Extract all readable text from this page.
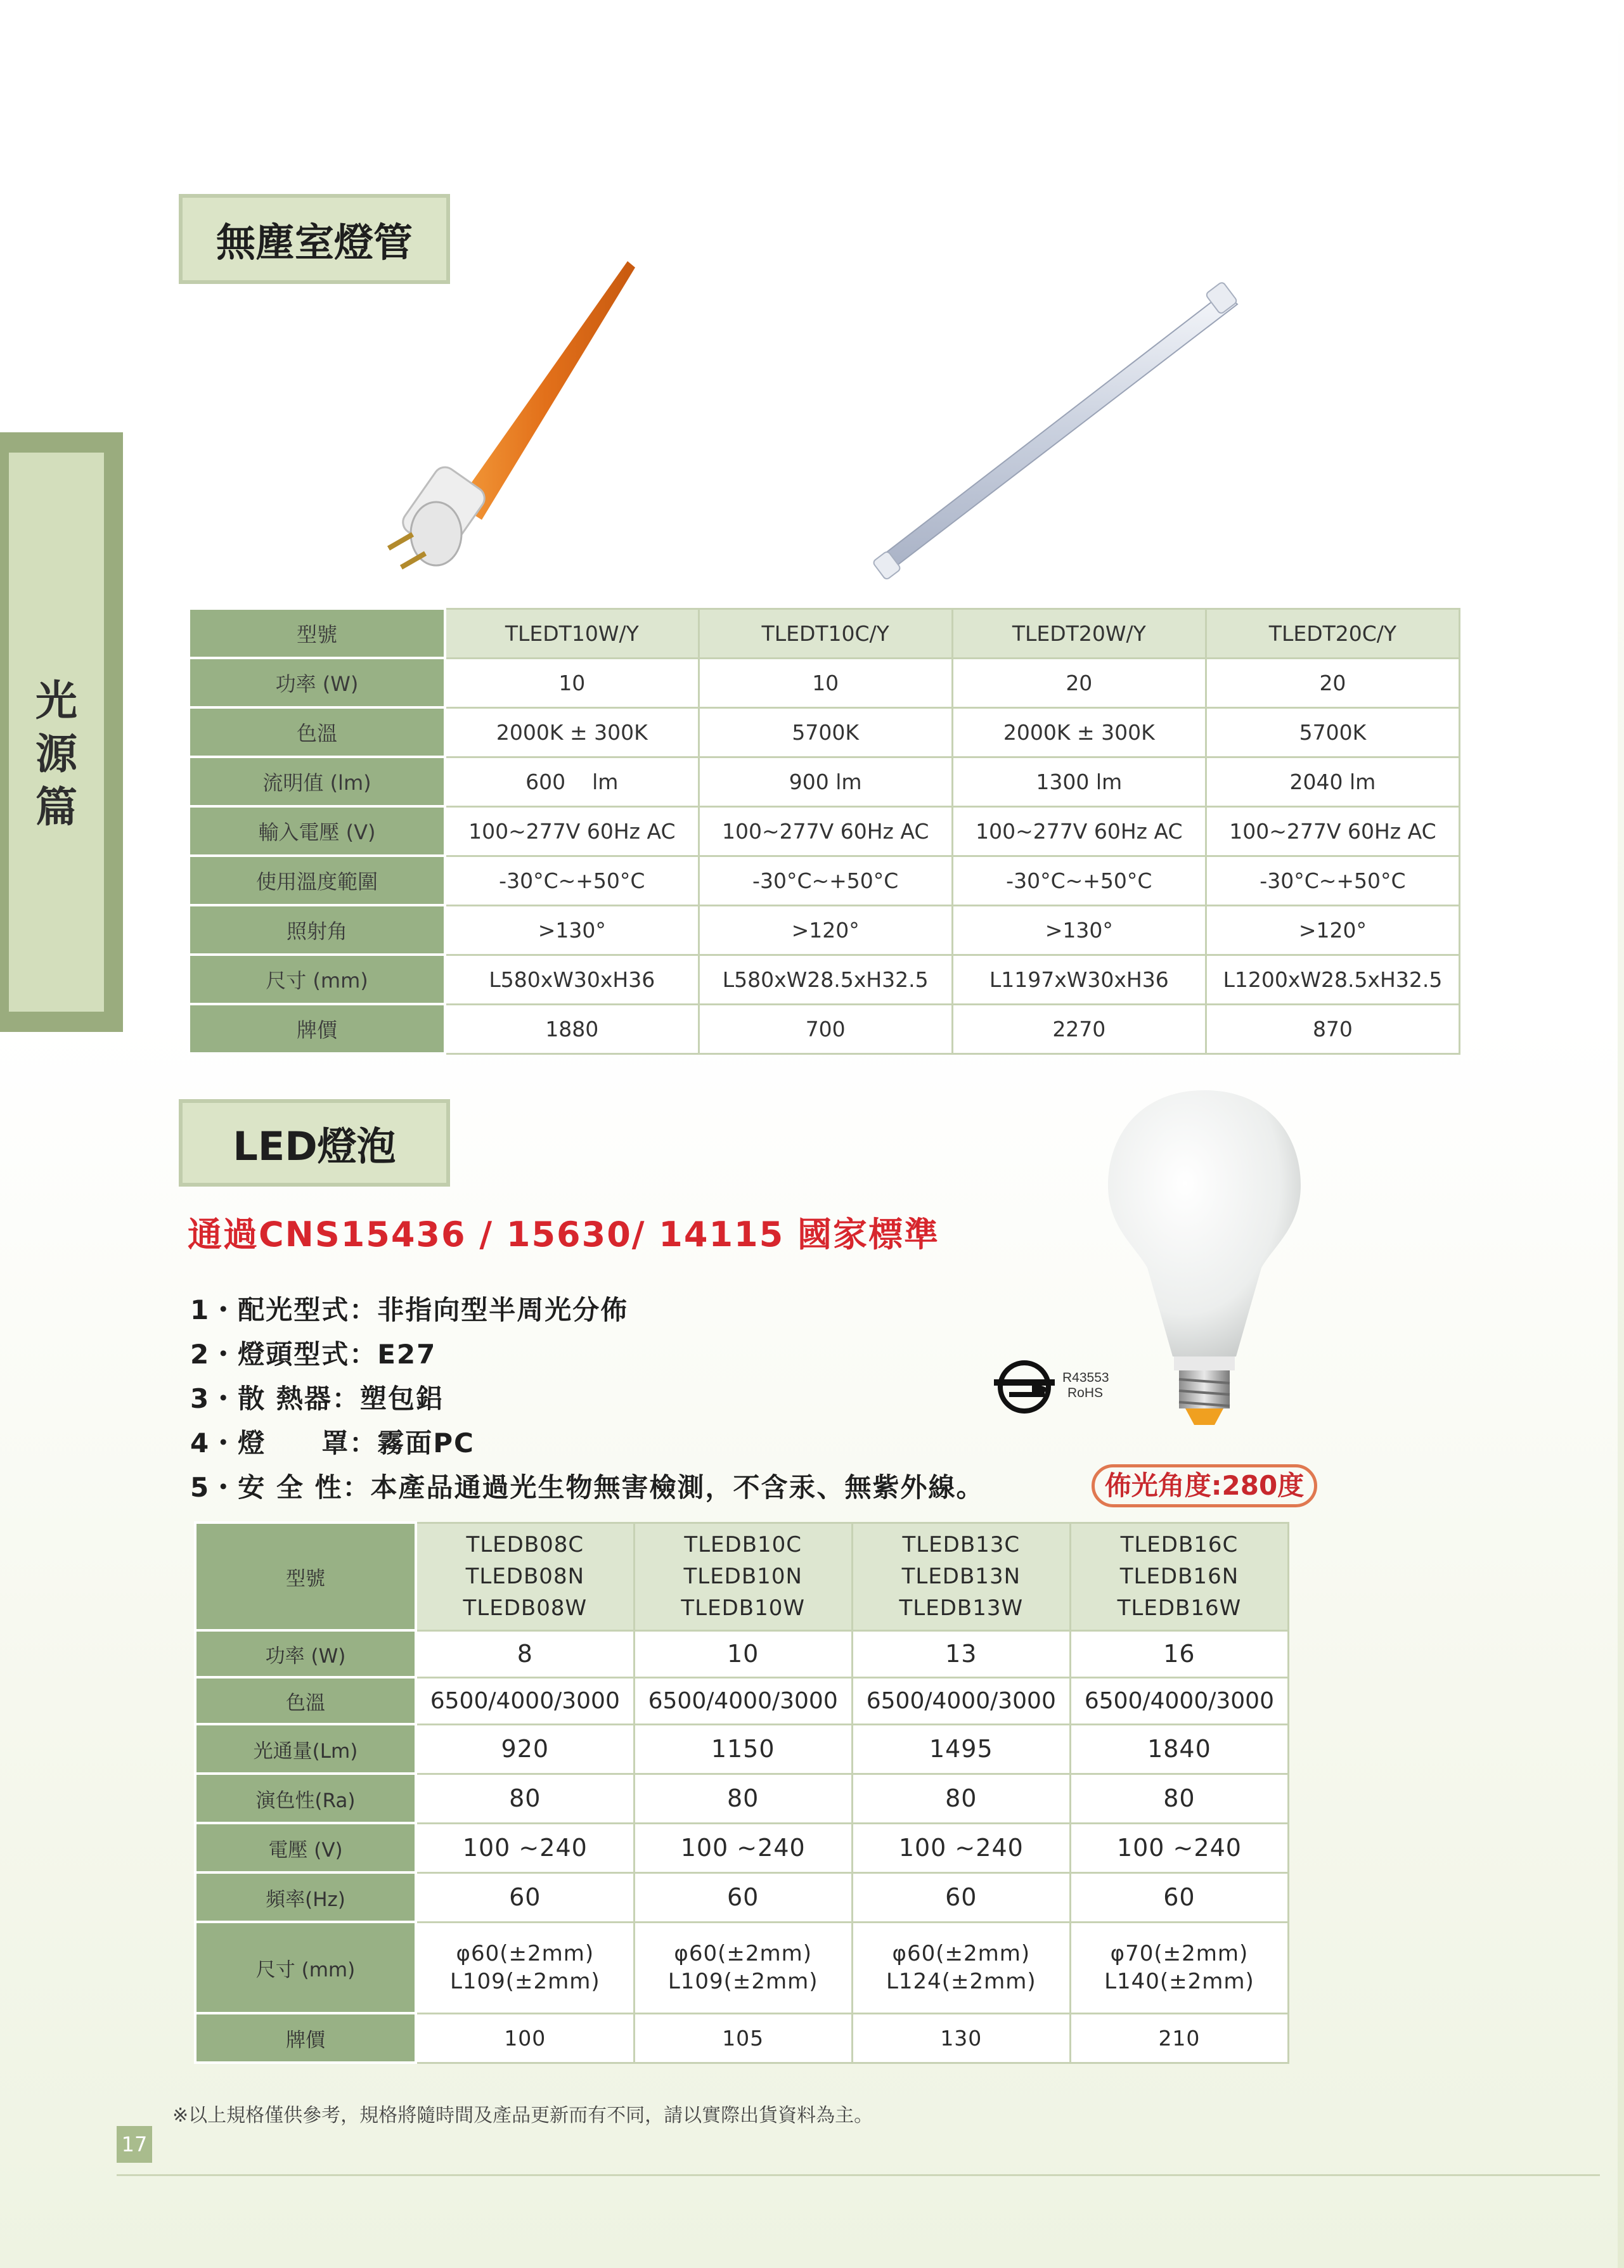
光
源
篇
無塵室燈管
型號	TLEDT10W/Y	TLEDT10C/Y	TLEDT20W/Y	TLEDT20C/Y
功率 (W)	10	10	20	20
色溫	2000K ± 300K	5700K	2000K ± 300K	5700K
流明值 (lm)	600    lm	900 lm	1300 lm	2040 lm
輸入電壓 (V)	100~277V 60Hz AC	100~277V 60Hz AC	100~277V 60Hz AC	100~277V 60Hz AC
使用溫度範圍	-30°C~+50°C	-30°C~+50°C	-30°C~+50°C	-30°C~+50°C
照射角	>130°	>120°	>130°	>120°
尺寸 (mm)	L580xW30xH36	L580xW28.5xH32.5	L1197xW30xH36	L1200xW28.5xH32.5
牌價	1880	700	2270	870
LED燈泡
R43553
RoHS
通過CNS15436 / 15630/ 14115 國家標準
1・配光型式：非指向型半周光分佈
2・燈頭型式：E27
3・散 熱器：塑包鋁
4・燈　　罩：霧面PC
5・安 全 性：本產品通過光生物無害檢測，不含汞、無紫外線。	佈光角度:280度
型號	TLEDB08C
TLEDB08N
TLEDB08W	TLEDB10C
TLEDB10N
TLEDB10W	TLEDB13C
TLEDB13N
TLEDB13W	TLEDB16C
TLEDB16N
TLEDB16W

功率 (W)	8	10	13	16
色溫	6500/4000/3000	6500/4000/3000	6500/4000/3000	6500/4000/3000
光通量(Lm)	920	1150	1495	1840
演色性(Ra)	80	80	80	80
電壓 (V)	100 ~240	100 ~240	100 ~240	100 ~240
頻率(Hz)	60	60	60	60
尺寸 (mm)	φ60(±2mm)
L109(±2mm)	φ60(±2mm)
L109(±2mm)	φ60(±2mm)
L124(±2mm)	φ70(±2mm)
L140(±2mm)

牌價	100	105	130	210
※以上規格僅供參考，規格將隨時間及產品更新而有不同，請以實際出貨資料為主。
17
